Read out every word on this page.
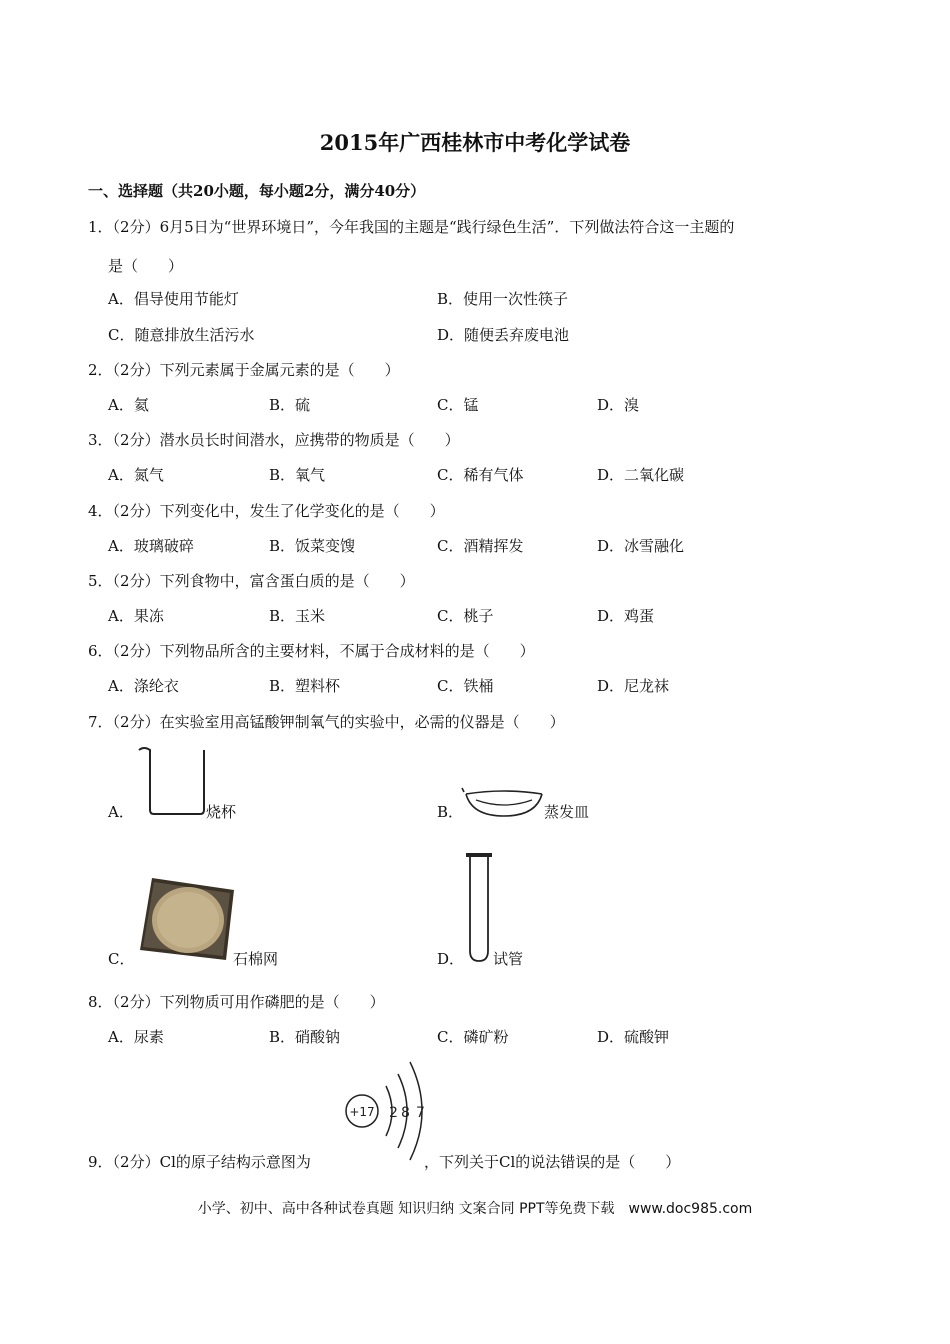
2015年广西桂林市中考化学试卷
一、选择题（共20小题，每小题2分，满分40分）
1．（2分）6月5日为“世界环境日”，今年我国的主题是“践行绿色生活”．下列做法符合这一主题的
是（　　）
A．倡导使用节能灯	B．使用一次性筷子
C．随意排放生活污水	D．随便丢弃废电池
2．（2分）下列元素属于金属元素的是（　　）
A．氦	B．硫	C．锰	D．溴
3．（2分）潜水员长时间潜水，应携带的物质是（　　）
A．氮气	B．氧气	C．稀有气体	D．二氧化碳
4．（2分）下列变化中，发生了化学变化的是（　　）
A．玻璃破碎	B．饭菜变馊	C．酒精挥发	D．冰雪融化
5．（2分）下列食物中，富含蛋白质的是（　　）
A．果冻	B．玉米	C．桃子	D．鸡蛋
6．（2分）下列物品所含的主要材料，不属于合成材料的是（　　）
A．涤纶衣	B．塑料杯	C．铁桶	D．尼龙袜
7．（2分）在实验室用高锰酸钾制氧气的实验中，必需的仪器是（　　）
A．	烧杯	B．	蒸发皿
C．	石棉网	D． 试管
8．（2分）下列物质可用作磷肥的是（　　）
A．尿素	B．硝酸钠	C．磷矿粉	D．硫酸钾
9．（2分）Cl的原子结构示意图为
+17 2 8 7
，下列关于Cl的说法错误的是（　　）
小学、初中、高中各种试卷真题 知识归纳 文案合同 PPT等免费下载　www.doc985.com
